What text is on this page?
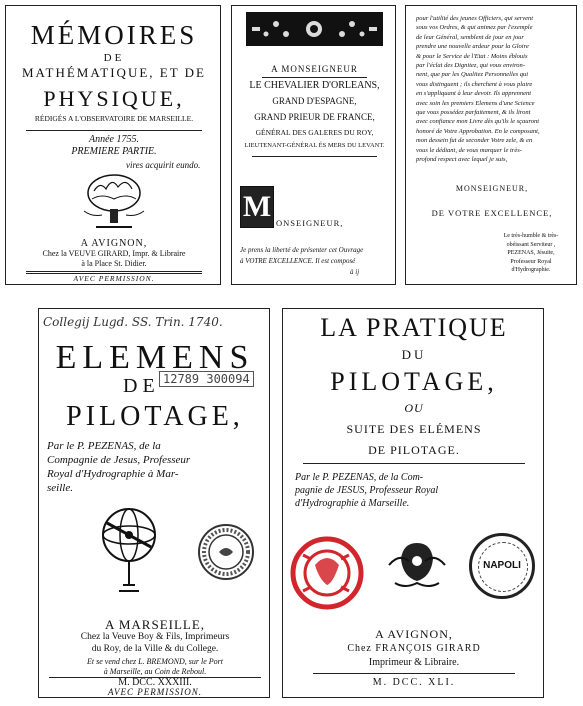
MÉMOIRES
DE
MATHÉMATIQUE, ET DE
PHYSIQUE,
RÉDIGÉS A L'OBSERVATOIRE DE MARSEILLE.
Année 1755.
PREMIERE PARTIE.
vires acquirit eundo.
A AVIGNON,
Chez la VEUVE GIRARD, Impr. & Libraire
à la Place St. Didier.
AVEC PERMISSION.
A MONSEIGNEUR
LE CHEVALIER D'ORLEANS,
GRAND D'ESPAGNE,
GRAND PRIEUR DE FRANCE,
GÉNÉRAL DES GALERES DU ROY,
LIEUTENANT-GÉNÉRAL ÉS MERS DU LEVANT.
M ONSEIGNEUR,
Je prens la liberté de présenter cet Ouvrage
à VOTRE EXCELLENCE. Il est composé
à ij
pour l'utilité des jeunes Officiers, qui servent
sous vos Ordres, & qui animez par l'exemple
de leur Général, semblent de jour en jour
prendre une nouvelle ardeur pour la Gloire
& pour le Service de l'Etat : Moins éblouis
par l'éclat des Dignitez, qui vous environ-
nent, que par les Qualitez Personnelles qui
vous distinguent ; ils cherchent à vous plaire
en s'appliquant à leur devoir. Ils apprennent
avec soin les premiers Elemens d'une Science
que vous possédez parfaitement, & ils liront
avec confiance mon Livre dès qu'ils le sçauront
honoré de Votre Approbation. En le composant,
mon dessein fut de seconder Votre zele, & en
vous le dédiant, de vous marquer le très-
profond respect avec lequel je suis,
MONSEIGNEUR,
DE VOTRE EXCELLENCE,
Le très-humble & très-
obéissant Serviteur ,
PEZENAS, Jésuite,
Professeur Royal
d'Hydrographie.
Collegij Lugd. SS. Trin. 1740.
ELEMENS
12789 300094
DE
PILOTAGE,
Par le P. PEZENAS, de la
Compagnie de Jesus, Professeur
Royal d'Hydrographie à Mar-
seille.
A MARSEILLE,
Chez la Veuve Boy & Fils, Imprimeurs
du Roy, de la Ville & du College.
Et se vend chez L. BREMOND, sur le Port
à Marseille, au Coin de Reboul.
M. DCC. XXXIII.
AVEC PERMISSION.
LA PRATIQUE
DU
PILOTAGE,
OU
SUITE DES ELÉMENS
DE PILOTAGE.
Par le P. PEZENAS, de la Com-
pagnie de JESUS, Professeur Royal
d'Hydrographie à Marseille.
NAPOLI
A AVIGNON,
Chez FRANÇOIS GIRARD
Imprimeur & Libraire.
M. DCC. XLI.
